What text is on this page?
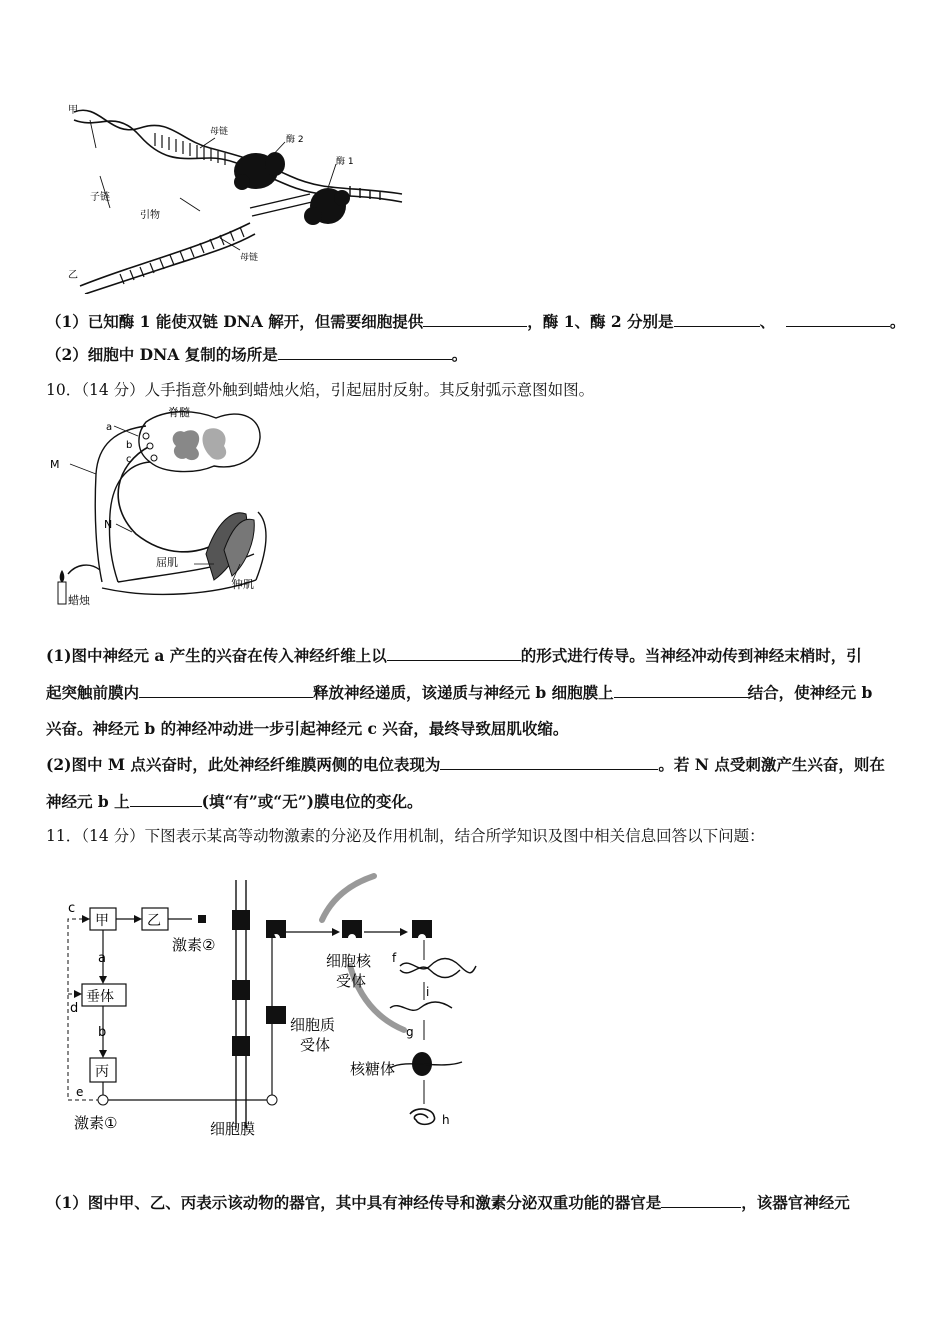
甲
子链
引物
乙
母链
酶 2
酶 1
母链
（1）已知酶 1 能使双链 DNA 解开，但需要细胞提供	，酶 1、酶 2 分别是	、	。
（2）细胞中 DNA 复制的场所是	。
10．（14 分）人手指意外触到蜡烛火焰，引起屈肘反射。其反射弧示意图如图。
脊髓
a
b
c
M
N
屈肌
伸肌
蜡烛
(1)图中神经元 a 产生的兴奋在传入神经纤维上以	的形式进行传导。当神经冲动传到神经末梢时，引
起突触前膜内	释放神经递质，该递质与神经元 b 细胞膜上	结合，使神经元 b
兴奋。神经元 b 的神经冲动进一步引起神经元 c 兴奋，最终导致屈肌收缩。
(2)图中 M 点兴奋时，此处神经纤维膜两侧的电位表现为	。若 N 点受刺激产生兴奋，则在
神经元 b 上	(填“有”或“无”)膜电位的变化。
11．（14 分）下图表示某高等动物激素的分泌及作用机制，结合所学知识及图中相关信息回答以下问题：
c
甲	乙
激素②
a
d
垂体
b
丙
e
激素①	细胞膜
细胞质
受体
细胞核
受体
f
i
g
核糖体
h
（1）图中甲、乙、丙表示该动物的器官，其中具有神经传导和激素分泌双重功能的器官是	，该器官神经元
